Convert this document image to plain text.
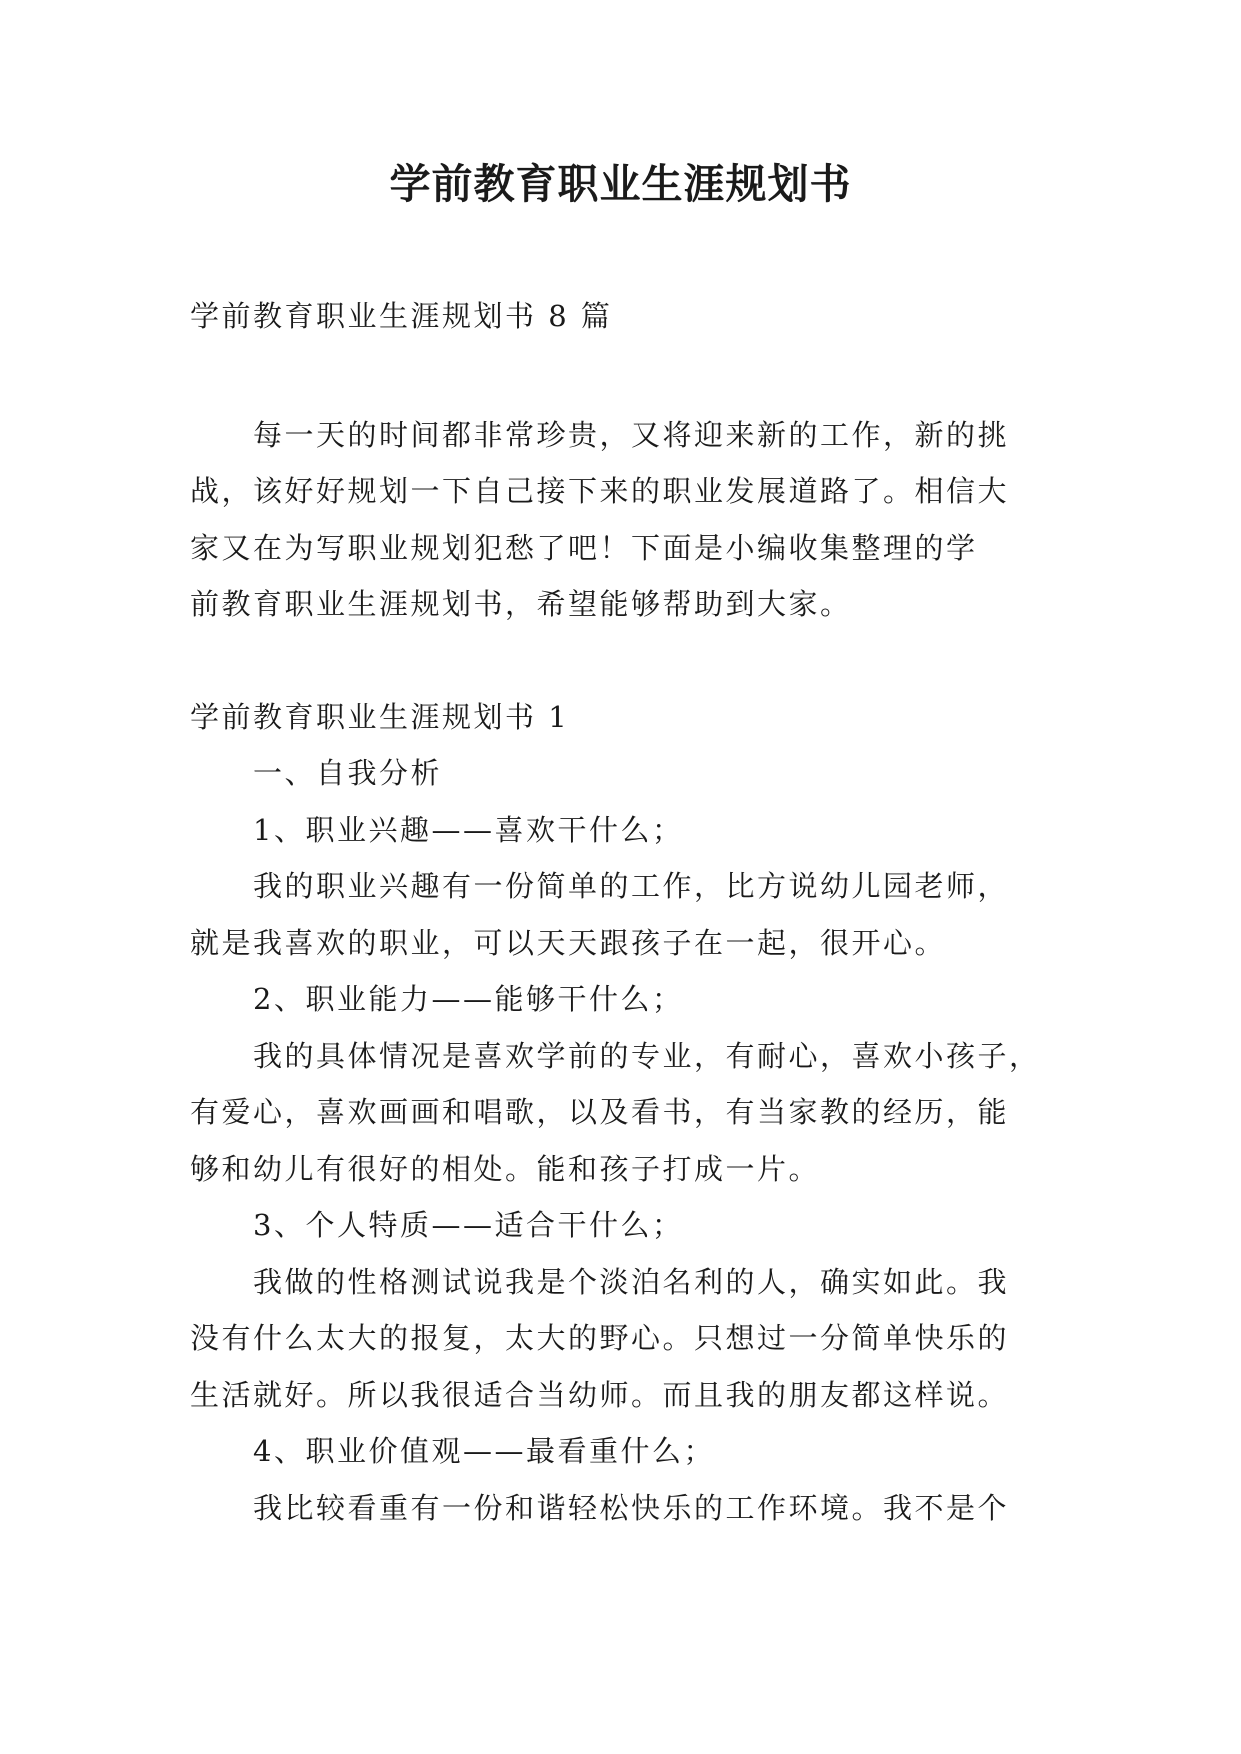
学前教育职业生涯规划书

学前教育职业生涯规划书 8 篇

　　每一天的时间都非常珍贵，又将迎来新的工作，新的挑

战，该好好规划一下自己接下来的职业发展道路了。相信大

家又在为写职业规划犯愁了吧！下面是小编收集整理的学

前教育职业生涯规划书，希望能够帮助到大家。

学前教育职业生涯规划书 1

　　一、自我分析

　　1、职业兴趣——喜欢干什么；

　　我的职业兴趣有一份简单的工作，比方说幼儿园老师，

就是我喜欢的职业，可以天天跟孩子在一起，很开心。

　　2、职业能力——能够干什么；

　　我的具体情况是喜欢学前的专业，有耐心，喜欢小孩子，

有爱心，喜欢画画和唱歌，以及看书，有当家教的经历，能

够和幼儿有很好的相处。能和孩子打成一片。

　　3、个人特质——适合干什么；

　　我做的性格测试说我是个淡泊名利的人，确实如此。我

没有什么太大的报复，太大的野心。只想过一分简单快乐的

生活就好。所以我很适合当幼师。而且我的朋友都这样说。

　　4、职业价值观——最看重什么；

　　我比较看重有一份和谐轻松快乐的工作环境。我不是个
